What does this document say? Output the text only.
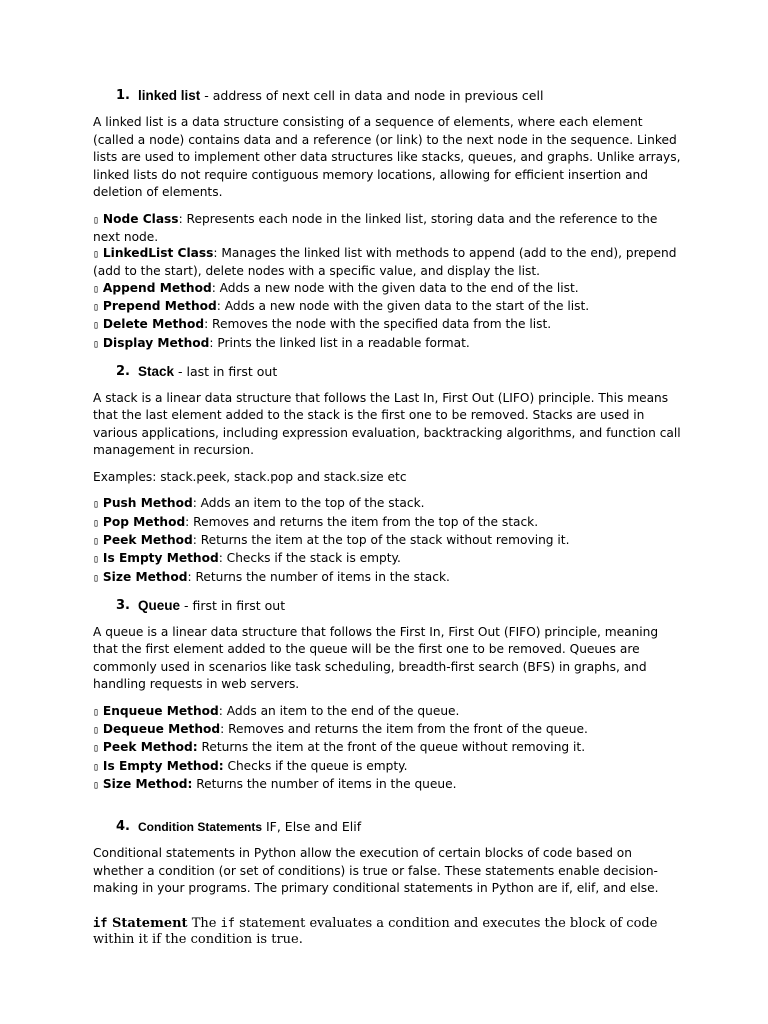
1. linked list - address of next cell in data and node in previous cell

A linked list is a data structure consisting of a sequence of elements, where each element (called a node) contains data and a reference (or link) to the next node in the sequence. Linked lists are used to implement other data structures like stacks, queues, and graphs. Unlike arrays, linked lists do not require contiguous memory locations, allowing for efficient insertion and deletion of elements.

▯ Node Class: Represents each node in the linked list, storing data and the reference to the next node.
▯ LinkedList Class: Manages the linked list with methods to append (add to the end), prepend (add to the start), delete nodes with a specific value, and display the list.
▯ Append Method: Adds a new node with the given data to the end of the list.
▯ Prepend Method: Adds a new node with the given data to the start of the list.
▯ Delete Method: Removes the node with the specified data from the list.
▯ Display Method: Prints the linked list in a readable format.
2. Stack - last in first out

A stack is a linear data structure that follows the Last In, First Out (LIFO) principle. This means that the last element added to the stack is the first one to be removed. Stacks are used in various applications, including expression evaluation, backtracking algorithms, and function call management in recursion.

Examples: stack.peek, stack.pop and stack.size etc

▯ Push Method: Adds an item to the top of the stack.
▯ Pop Method: Removes and returns the item from the top of the stack.
▯ Peek Method: Returns the item at the top of the stack without removing it.
▯ Is Empty Method: Checks if the stack is empty.
▯ Size Method: Returns the number of items in the stack.
3. Queue - first in first out

A queue is a linear data structure that follows the First In, First Out (FIFO) principle, meaning that the first element added to the queue will be the first one to be removed. Queues are commonly used in scenarios like task scheduling, breadth-first search (BFS) in graphs, and handling requests in web servers.

▯ Enqueue Method: Adds an item to the end of the queue.
▯ Dequeue Method: Removes and returns the item from the front of the queue.
▯ Peek Method: Returns the item at the front of the queue without removing it.
▯ Is Empty Method: Checks if the queue is empty.
▯ Size Method: Returns the number of items in the queue.
4. Condition Statements IF, Else and Elif

Conditional statements in Python allow the execution of certain blocks of code based on whether a condition (or set of conditions) is true or false. These statements enable decision-making in your programs. The primary conditional statements in Python are if, elif, and else.

if Statement The if statement evaluates a condition and executes the block of code within it if the condition is true.
